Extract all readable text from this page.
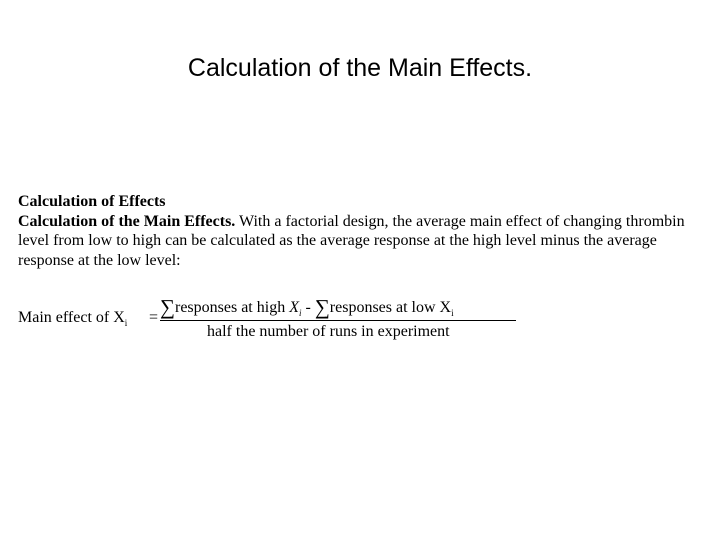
Calculation of the Main Effects.
Calculation of Effects
Calculation of the Main Effects. With a factorial design, the average main effect of changing thrombin level from low to high can be calculated as the average response at the high level minus the average response at the low level:
Main effect of $X_i$ = ∑responses at high $X_i$ - ∑responses at low $X_i$
half the number of runs in experiment
